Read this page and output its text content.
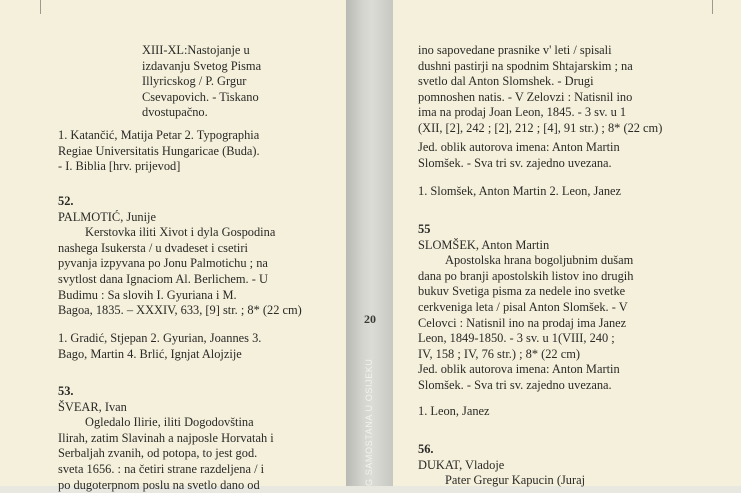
20
G SAMOSTANA U OSIJEKU
XIII-XL:Nastojanje u
izdavanju Svetog Pisma
Illyricskog / P. Grgur
Csevapovich. - Tiskano
dvostupačno.
1. Katančić, Matija Petar 2. Typographia
Regiae Universitatis Hungaricae (Buda).
- I. Biblia [hrv. prijevod]
52.
PALMOTIĆ, Junije
Kerstovka iliti Xivot i dyla Gospodina
nashega Isukersta / u dvadeset i csetiri
pyvanja izpyvana po Jonu Palmotichu ; na
svytlost dana Ignaciom Al. Berlichem. - U
Budimu : Sa slovih I. Gyuriana i M.
Bagoa, 1835. – XXXIV, 633, [9] str. ; 8* (22 cm)
1. Gradić, Stjepan 2. Gyurian, Joannes 3.
Bago, Martin 4. Brlić, Ignjat Alojzije
53.
ŠVEAR, Ivan
Ogledalo Ilirie, iliti Dogodovština
Ilirah, zatim Slavinah a najposle Horvatah i
Serbaljah zvanih, od potopa, to jest god.
sveta 1656. : na četiri strane razdeljena / i
po dugoterpnom poslu na svetlo dano od
ino sapovedane prasnike v' leti / spisali
dushni pastirji na spodnim Shtajarskim ; na
svetlo dal Anton Slomshek. - Drugi
pomnoshen natis. - V Zelovzi : Natisnil ino
ima na prodaj Joan Leon, 1845. - 3 sv. u 1
(XII, [2], 242 ; [2], 212 ; [4], 91 str.) ; 8* (22 cm)
Jed. oblik autorova imena: Anton Martin
Slomšek. - Sva tri sv. zajedno uvezana.
1. Slomšek, Anton Martin 2. Leon, Janez
55
SLOMŠEK, Anton Martin
Apostolska hrana bogoljubnim dušam
dana po branji apostolskih listov ino drugih
bukuv Svetiga pisma za nedele ino svetke
cerkveniga leta / pisal Anton Slomšek. - V
Celovci : Natisnil ino na prodaj ima Janez
Leon, 1849-1850. - 3 sv. u 1(VIII, 240 ;
IV, 158 ; IV, 76 str.) ; 8* (22 cm)
Jed. oblik autorova imena: Anton Martin
Slomšek. - Sva tri sv. zajedno uvezana.
1. Leon, Janez
56.
DUKAT, Vladoje
Pater Gregur Kapucin (Juraj
